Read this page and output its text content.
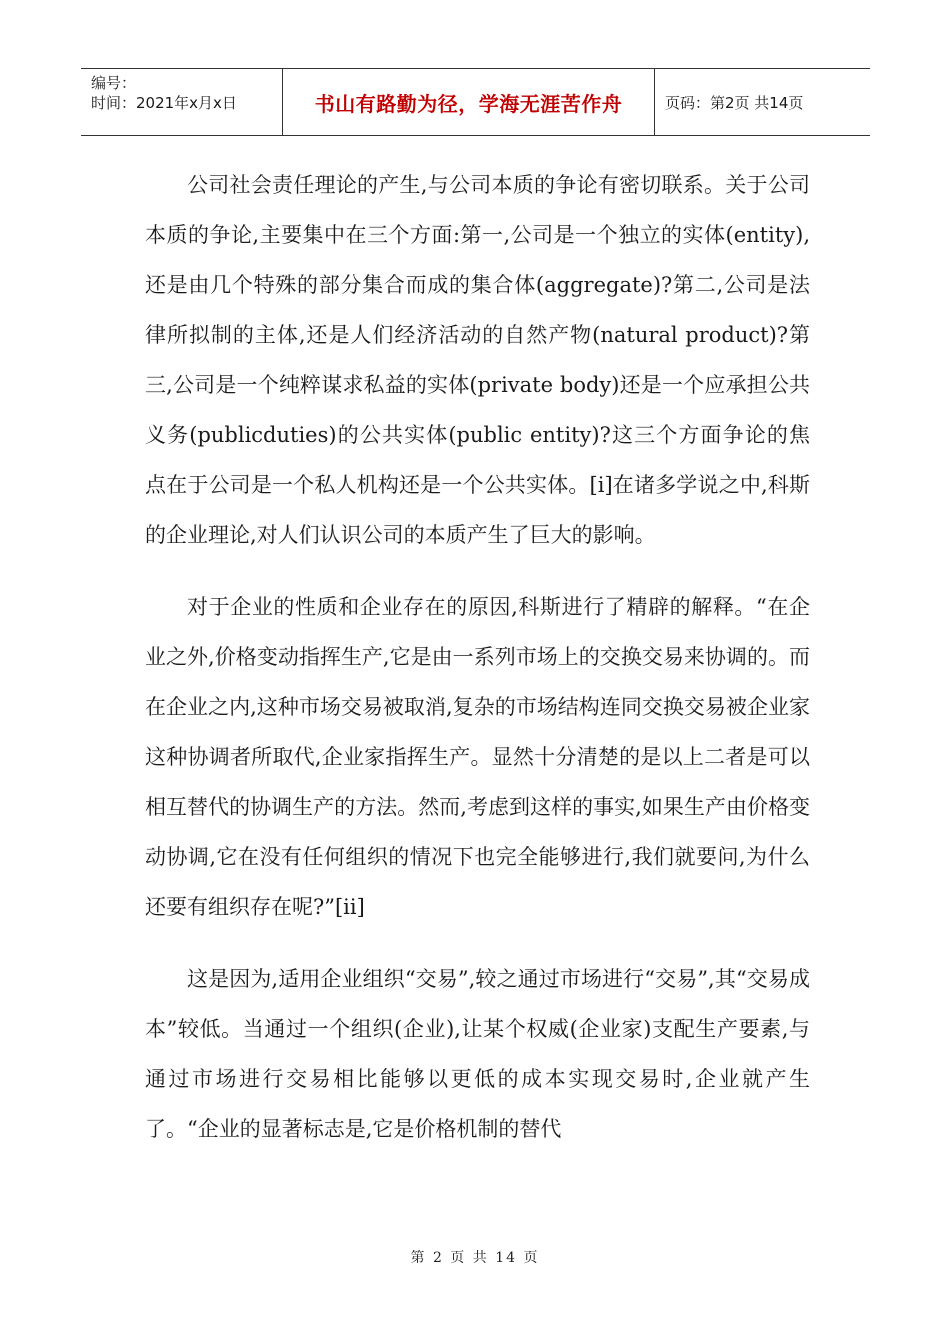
编号：
时间：2021年x月x日	书山有路勤为径，学海无涯苦作舟	页码：第2页 共14页

公司社会责任理论的产生,与公司本质的争论有密切联系。关于公司本质的争论,主要集中在三个方面:第一,公司是一个独立的实体(entity),还是由几个特殊的部分集合而成的集合体(aggregate)?第二,公司是法律所拟制的主体,还是人们经济活动的自然产物(natural product)?第三,公司是一个纯粹谋求私益的实体(private body)还是一个应承担公共义务(publicduties)的公共实体(public entity)?这三个方面争论的焦点在于公司是一个私人机构还是一个公共实体。[i]在诸多学说之中,科斯的企业理论,对人们认识公司的本质产生了巨大的影响。

对于企业的性质和企业存在的原因,科斯进行了精辟的解释。“在企业之外,价格变动指挥生产,它是由一系列市场上的交换交易来协调的。而在企业之内,这种市场交易被取消,复杂的市场结构连同交换交易被企业家这种协调者所取代,企业家指挥生产。显然十分清楚的是以上二者是可以相互替代的协调生产的方法。然而,考虑到这样的事实,如果生产由价格变动协调,它在没有任何组织的情况下也完全能够进行,我们就要问,为什么还要有组织存在呢?”[ii]

这是因为,适用企业组织“交易”,较之通过市场进行“交易”,其“交易成本”较低。当通过一个组织(企业),让某个权威(企业家)支配生产要素,与通过市场进行交易相比能够以更低的成本实现交易时,企业就产生了。“企业的显著标志是,它是价格机制的替代

第 2 页 共 14 页
